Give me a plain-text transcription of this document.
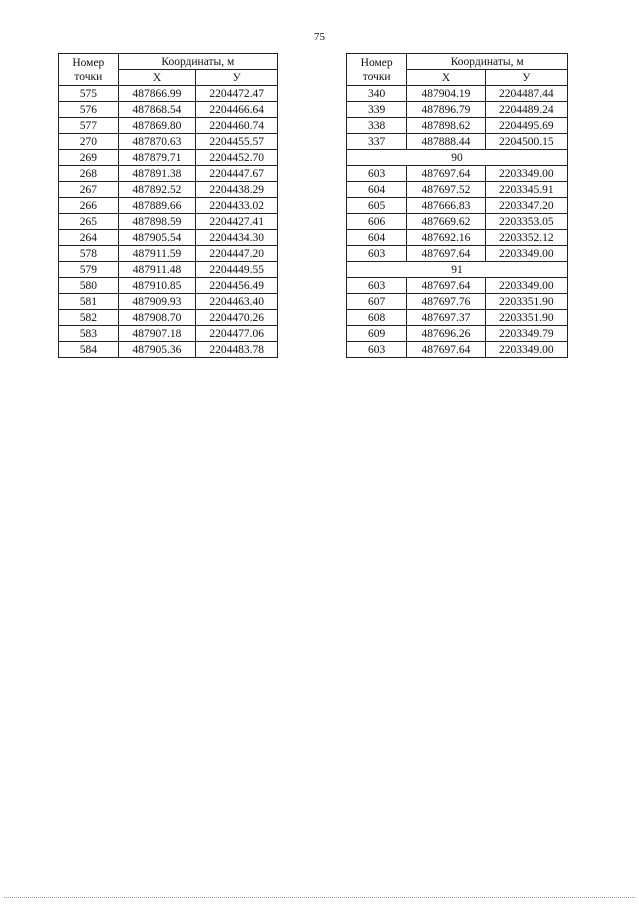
75
Номер точки	Координаты, м	
	X	У
575	487866.99	2204472.47
576	487868.54	2204466.64
577	487869.80	2204460.74
270	487870.63	2204455.57
269	487879.71	2204452.70
268	487891.38	2204447.67
267	487892.52	2204438.29
266	487889.66	2204433.02
265	487898.59	2204427.41
264	487905.54	2204434.30
578	487911.59	2204447.20
579	487911.48	2204449.55
580	487910.85	2204456.49
581	487909.93	2204463.40
582	487908.70	2204470.26
583	487907.18	2204477.06
584	487905.36	2204483.78
Номер точки	Координаты, м	
	X	У
340	487904.19	2204487.44
339	487896.79	2204489.24
338	487898.62	2204495.69
337	487888.44	2204500.15
90		
603	487697.64	2203349.00
604	487697.52	2203345.91
605	487666.83	2203347.20
606	487669.62	2203353.05
604	487692.16	2203352.12
603	487697.64	2203349.00
91		
603	487697.64	2203349.00
607	487697.76	2203351.90
608	487697.37	2203351.90
609	487696.26	2203349.79
603	487697.64	2203349.00
